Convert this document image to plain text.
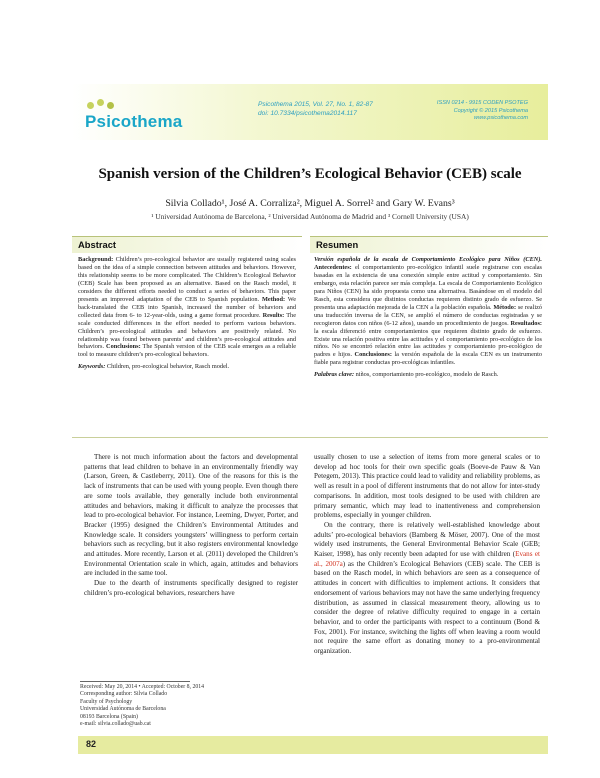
Psicothema
Psicothema 2015, Vol. 27, No. 1, 82-87
doi: 10.7334/psicothema2014.117
ISSN 0214 - 9915 CODEN PSOTEG
Copyright © 2015 Psicothema
www.psicothema.com
Spanish version of the Children’s Ecological Behavior (CEB) scale
Silvia Collado¹, José A. Corraliza², Miguel A. Sorrel² and Gary W. Evans³
¹ Universidad Autónoma de Barcelona, ² Universidad Autónoma de Madrid and ³ Cornell University (USA)
Abstract	Resumen
Background: Children’s pro-ecological behavior are usually registered using scales based on the idea of a simple connection between attitudes and behaviors. However, this relationship seems to be more complicated. The Children’s Ecological Behavior (CEB) Scale has been proposed as an alternative. Based on the Rasch model, it considers the different efforts needed to conduct a series of behaviors. This paper presents an improved adaptation of the CEB to Spanish population. Method: We back-translated the CEB into Spanish, increased the number of behaviors and collected data from 6- to 12-year-olds, using a game format procedure. Results: The scale conducted differences in the effort needed to perform various behaviors. Children’s pro-ecological attitudes and behaviors are positively related. No relationship was found between parents’ and children’s pro-ecological attitudes and behaviors. Conclusions: The Spanish version of the CEB scale emerges as a reliable tool to measure children’s pro-ecological behaviors.
Keywords: Children, pro-ecological behavior, Rasch model.
Versión española de la escala de Comportamiento Ecológico para Niños (CEN). Antecedentes: el comportamiento pro-ecológico infantil suele registrarse con escalas basadas en la existencia de una conexión simple entre actitud y comportamiento. Sin embargo, esta relación parece ser más compleja. La escala de Comportamiento Ecológico para Niños (CEN) ha sido propuesta como una alternativa. Basándose en el modelo del Rasch, esta considera que distintos conductas requieren distinto grado de esfuerzo. Se presenta una adaptación mejorada de la CEN a la población española. Método: se realizó una traducción inversa de la CEN, se amplió el número de conductas registradas y se recogieron datos con niños (6-12 años), usando un procedimiento de juegos. Resultados: la escala diferenció entre comportamientos que requieren distinto grado de esfuerzo. Existe una relación positiva entre las actitudes y el comportamiento pro-ecológico de los niños. No se encontró relación entre las actitudes y comportamiento pro-ecológico de padres e hijos. Conclusiones: la versión española de la escala CEN es un instrumento fiable para registrar conductas pro-ecológicas infantiles.
Palabras clave: niños, comportamiento pro-ecológico, modelo de Rasch.

There is not much information about the factors and developmental patterns that lead children to behave in an environmentally friendly way (Larson, Green, & Castleberry, 2011). One of the reasons for this is the lack of instruments that can be used with young people. Even though there are some tools available, they generally include both environmental attitudes and behaviors, making it difficult to analyze the processes that lead to pro-ecological behavior. For instance, Leeming, Dwyer, Porter, and Bracker (1995) designed the Children’s Environmental Attitudes and Knowledge scale. It considers youngsters’ willingness to perform certain behaviors such as recycling, but it also registers environmental knowledge and attitudes. More recently, Larson et al. (2011) developed the Children’s Environmental Orientation scale in which, again, attitudes and behaviors are included in the same tool.

Due to the dearth of instruments specifically designed to register children’s pro-ecological behaviors, researchers have

usually chosen to use a selection of items from more general scales or to develop ad hoc tools for their own specific goals (Boeve-de Pauw & Van Petegem, 2013). This practice could lead to validity and reliability problems, as well as result in a pool of different instruments that do not allow for inter-study comparisons. In addition, most tools designed to be used with children are primary semantic, which may lead to inattentiveness and comprehension problems, especially in younger children.

On the contrary, there is relatively well-established knowledge about adults’ pro-ecological behaviors (Bamberg & Möser, 2007). One of the most widely used instruments, the General Environmental Behavior Scale (GEB; Kaiser, 1998), has only recently been adapted for use with children (Evans et al., 2007a) as the Children’s Ecological Behaviors (CEB) scale. The CEB is based on the Rasch model, in which behaviors are seen as a consequence of attitudes in concert with difficulties to implement actions. It considers that endorsement of various behaviors may not have the same underlying frequency distribution, as assumed in classical measurement theory, allowing us to consider the degree of relative difficulty required to engage in a certain behavior, and to order the participants with respect to a continuum (Bond & Fox, 2001). For instance, switching the lights off when leaving a room would not require the same effort as donating money to a pro-environmental organization.

Received: May 20, 2014 • Accepted: October 8, 2014
Corresponding author: Silvia Collado
Faculty of Psychology
Universidad Autónoma de Barcelona
08193 Barcelona (Spain)
e-mail: silvia.collado@uab.cat
82
